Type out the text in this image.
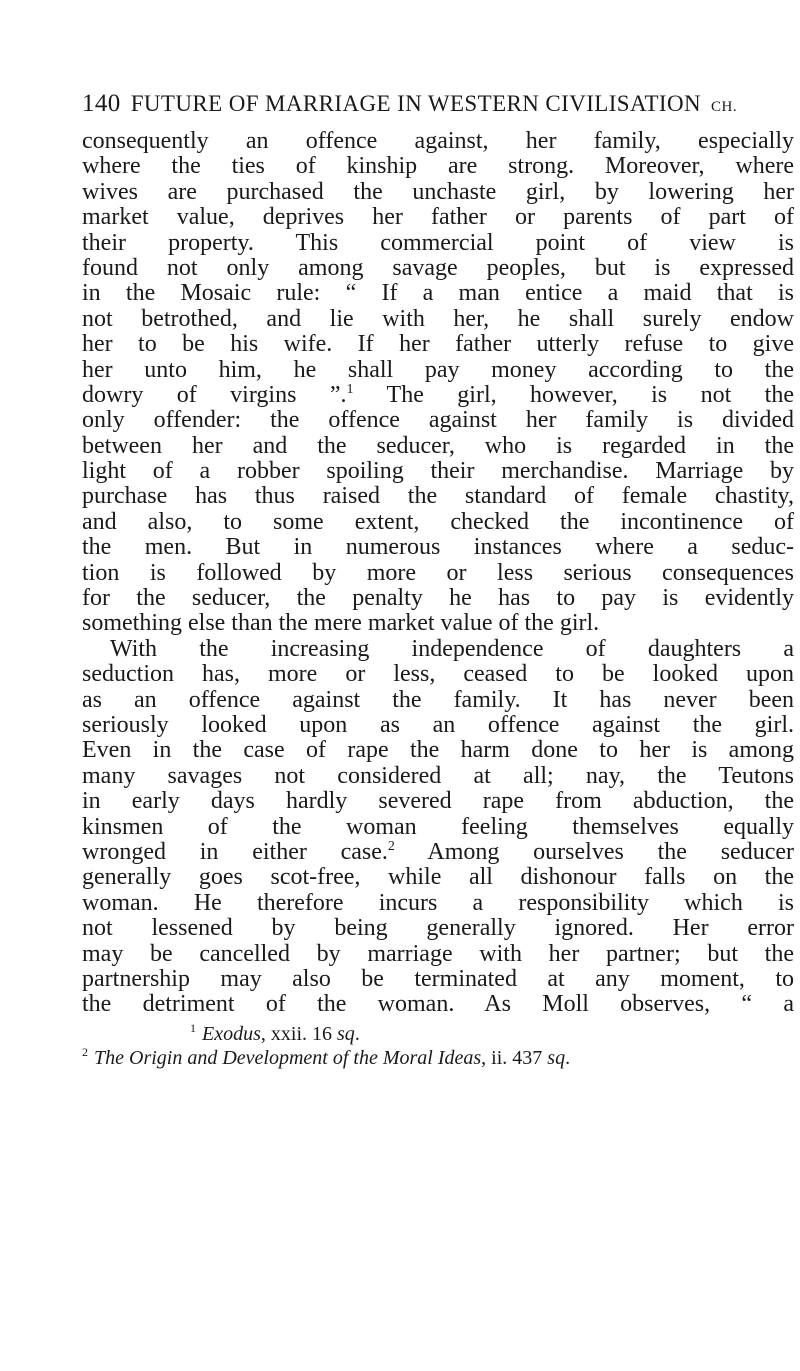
140 FUTURE OF MARRIAGE IN WESTERN CIVILISATION CH.
consequently an offence against, her family, especially
where the ties of kinship are strong. Moreover, where
wives are purchased the unchaste girl, by lowering her
market value, deprives her father or parents of part of
their property. This commercial point of view is
found not only among savage peoples, but is expressed
in the Mosaic rule: “ If a man entice a maid that is
not betrothed, and lie with her, he shall surely endow
her to be his wife. If her father utterly refuse to give
her unto him, he shall pay money according to the
dowry of virgins ”.$^1$ The girl, however, is not the
only offender: the offence against her family is divided
between her and the seducer, who is regarded in the
light of a robber spoiling their merchandise. Marriage by
purchase has thus raised the standard of female chastity,
and also, to some extent, checked the incontinence of
the men. But in numerous instances where a seduc-
tion is followed by more or less serious consequences
for the seducer, the penalty he has to pay is evidently
something else than the mere market value of the girl.
With the increasing independence of daughters a
seduction has, more or less, ceased to be looked upon
as an offence against the family. It has never been
seriously looked upon as an offence against the girl.
Even in the case of rape the harm done to her is among
many savages not considered at all; nay, the Teutons
in early days hardly severed rape from abduction, the
kinsmen of the woman feeling themselves equally
wronged in either case.$^2$ Among ourselves the seducer
generally goes scot-free, while all dishonour falls on the
woman. He therefore incurs a responsibility which is
not lessened by being generally ignored. Her error
may be cancelled by marriage with her partner; but the
partnership may also be terminated at any moment, to
the detriment of the woman. As Moll observes, “ a
$^1$ Exodus, xxii. 16 sq.
$^2$ The Origin and Development of the Moral Ideas, ii. 437 sq.
